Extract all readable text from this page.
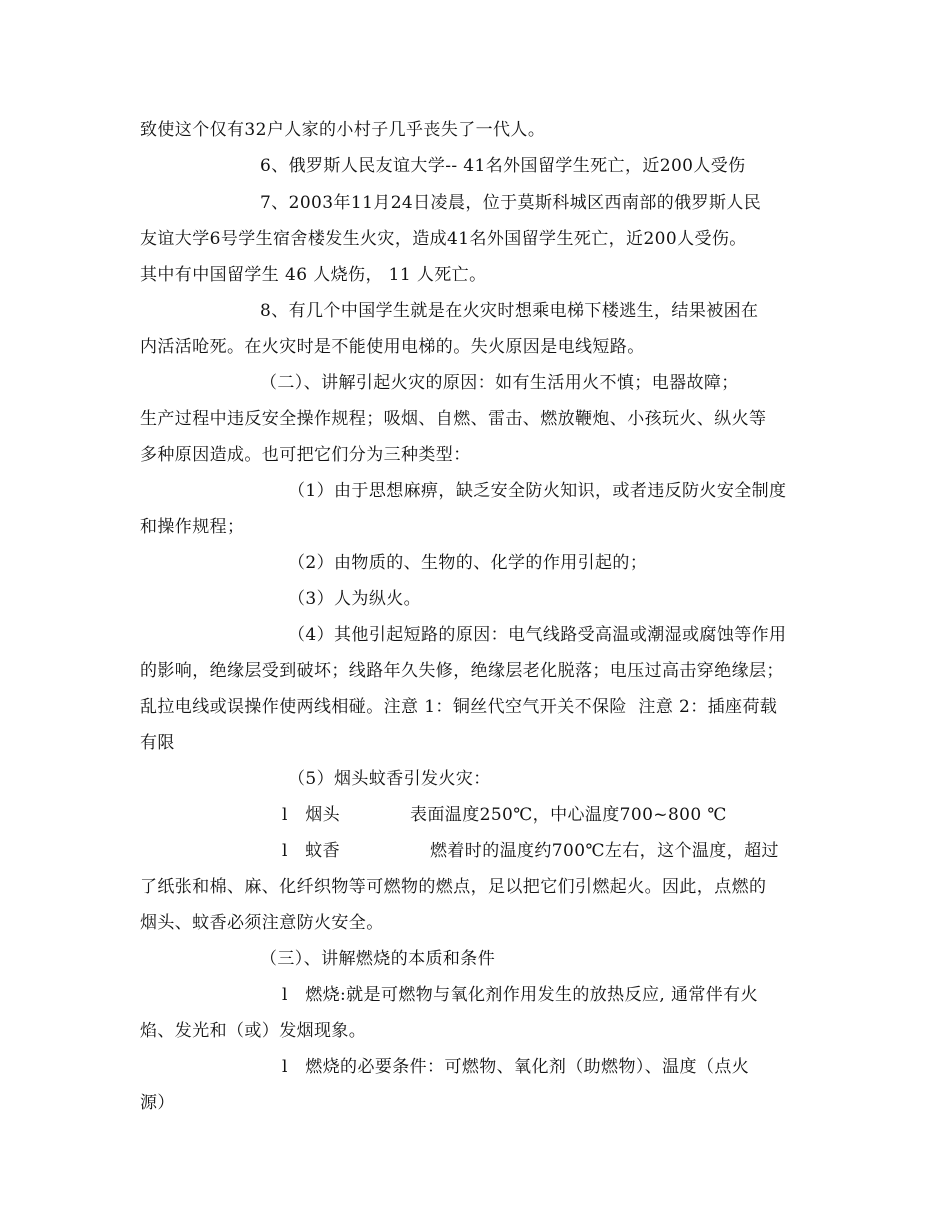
致使这个仅有32户人家的小村子几乎丧失了一代人。
6、俄罗斯人民友谊大学-- 41名外国留学生死亡，近200人受伤
7、2003年11月24日凌晨，位于莫斯科城区西南部的俄罗斯人民
友谊大学6号学生宿舍楼发生火灾，造成41名外国留学生死亡，近200人受伤。
其中有中国留学生 46 人烧伤， 11 人死亡。
8、有几个中国学生就是在火灾时想乘电梯下楼逃生，结果被困在
内活活呛死。在火灾时是不能使用电梯的。失火原因是电线短路。
（二）、讲解引起火灾的原因：如有生活用火不慎；电器故障；
生产过程中违反安全操作规程；吸烟、自燃、雷击、燃放鞭炮、小孩玩火、纵火等
多种原因造成。也可把它们分为三种类型：
（1）由于思想麻痹，缺乏安全防火知识，或者违反防火安全制度
和操作规程；
（2）由物质的、生物的、化学的作用引起的；
（3）人为纵火。
（4）其他引起短路的原因：电气线路受高温或潮湿或腐蚀等作用
的影响，绝缘层受到破坏；线路年久失修，绝缘层老化脱落；电压过高击穿绝缘层；
乱拉电线或误操作使两线相碰。注意 1：铜丝代空气开关不保险  注意 2：插座荷载
有限
（5）烟头蚊香引发火灾：
l   烟头	表面温度250℃，中心温度700~800 ℃
l   蚊香	燃着时的温度约700℃左右，这个温度，超过
了纸张和棉、麻、化纤织物等可燃物的燃点，足以把它们引燃起火。因此，点燃的
烟头、蚊香必须注意防火安全。
（三）、讲解燃烧的本质和条件
l   燃烧:就是可燃物与氧化剂作用发生的放热反应, 通常伴有火
焰、发光和（或）发烟现象。
l   燃烧的必要条件：可燃物、氧化剂（助燃物）、温度（点火
源）
